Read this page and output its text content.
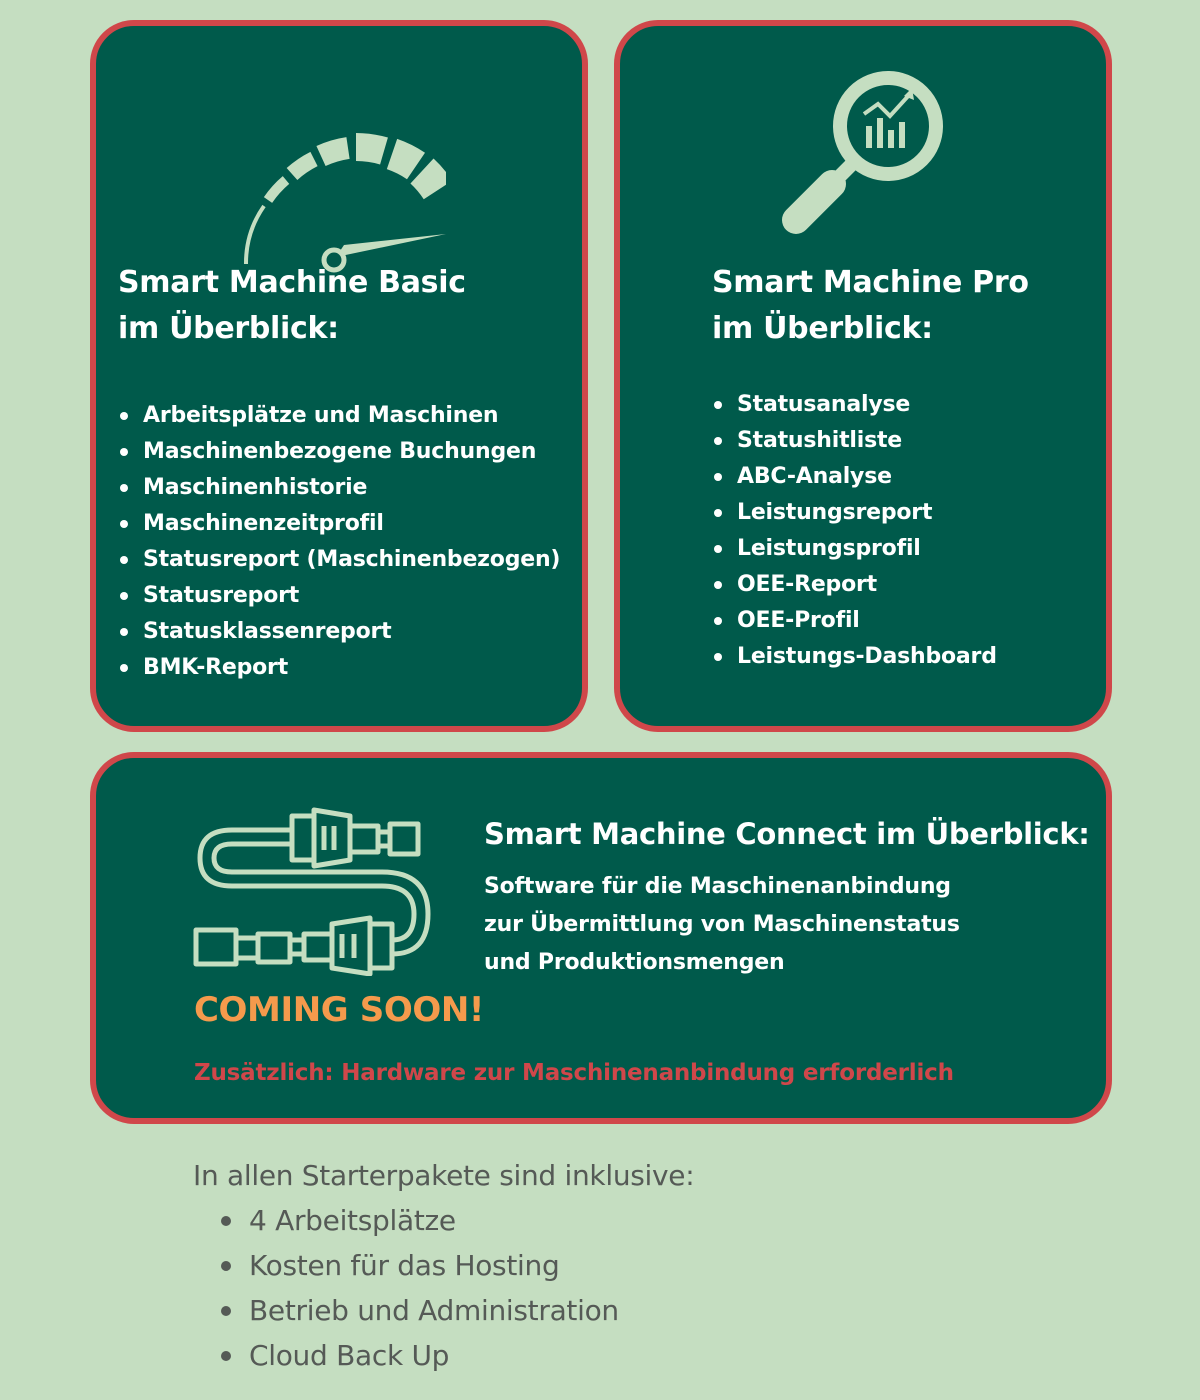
Smart Machine Basic
im Überblick:
Arbeitsplätze und Maschinen
Maschinenbezogene Buchungen
Maschinenhistorie
Maschinenzeitprofil
Statusreport (Maschinenbezogen)
Statusreport
Statusklassenreport
BMK-Report
Smart Machine Pro
im Überblick:
Statusanalyse
Statushitliste
ABC-Analyse
Leistungsreport
Leistungsprofil
OEE-Report
OEE-Profil
Leistungs-Dashboard
Smart Machine Connect im Überblick:

Software für die Maschinenanbindung
zur Übermittlung von Maschinenstatus
und Produktionsmengen

COMING SOON!

Zusätzlich: Hardware zur Maschinenanbindung erforderlich

In allen Starterpakete sind inklusive:

4 Arbeitsplätze
Kosten für das Hosting
Betrieb und Administration
Cloud Back Up
